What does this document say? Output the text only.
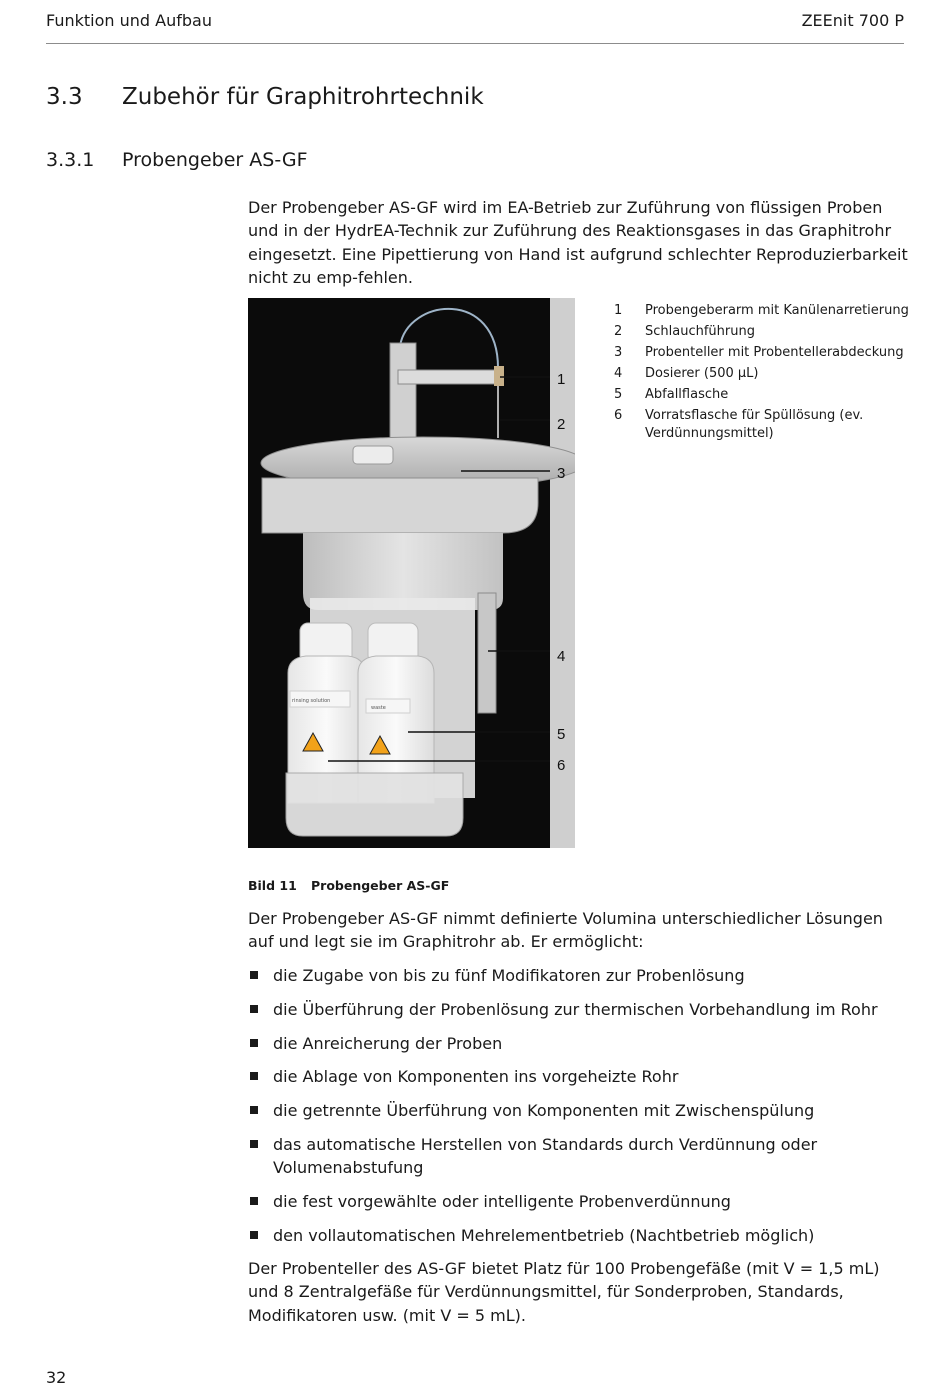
Funktion und Aufbau	ZEEnit 700 P
3.3 Zubehör für Graphitrohrtechnik
3.3.1 Probengeber AS-GF
Der Probengeber AS-GF wird im EA-Betrieb zur Zuführung von flüssigen Proben und in der HydrEA-Technik zur Zuführung des Reaktionsgases in das Graphitrohr eingesetzt. Eine Pipettierung von Hand ist aufgrund schlechter Reproduzierbarkeit nicht zu emp-fehlen.
rinsing solution
waste
1
2
3
4
5
6
1	Probengeberarm mit Kanülenarretierung
2	Schlauchführung
3	Probenteller mit Probentellerabdeckung
4	Dosierer (500 µL)
5	Abfallflasche
6	Vorratsflasche für Spüllösung (ev. Verdünnungsmittel)
Bild 11 Probengeber AS-GF
Der Probengeber AS-GF nimmt definierte Volumina unterschiedlicher Lösungen auf und legt sie im Graphitrohr ab. Er ermöglicht:
die Zugabe von bis zu fünf Modifikatoren zur Probenlösung
die Überführung der Probenlösung zur thermischen Vorbehandlung im Rohr
die Anreicherung der Proben
die Ablage von Komponenten ins vorgeheizte Rohr
die getrennte Überführung von Komponenten mit Zwischenspülung
das automatische Herstellen von Standards durch Verdünnung oder Volumenabstufung
die fest vorgewählte oder intelligente Probenverdünnung
den vollautomatischen Mehrelementbetrieb (Nachtbetrieb möglich)
Der Probenteller des AS-GF bietet Platz für 100 Probengefäße (mit V = 1,5 mL) und 8 Zentralgefäße für Verdünnungsmittel, für Sonderproben, Standards, Modifikatoren usw. (mit V = 5 mL).
32
